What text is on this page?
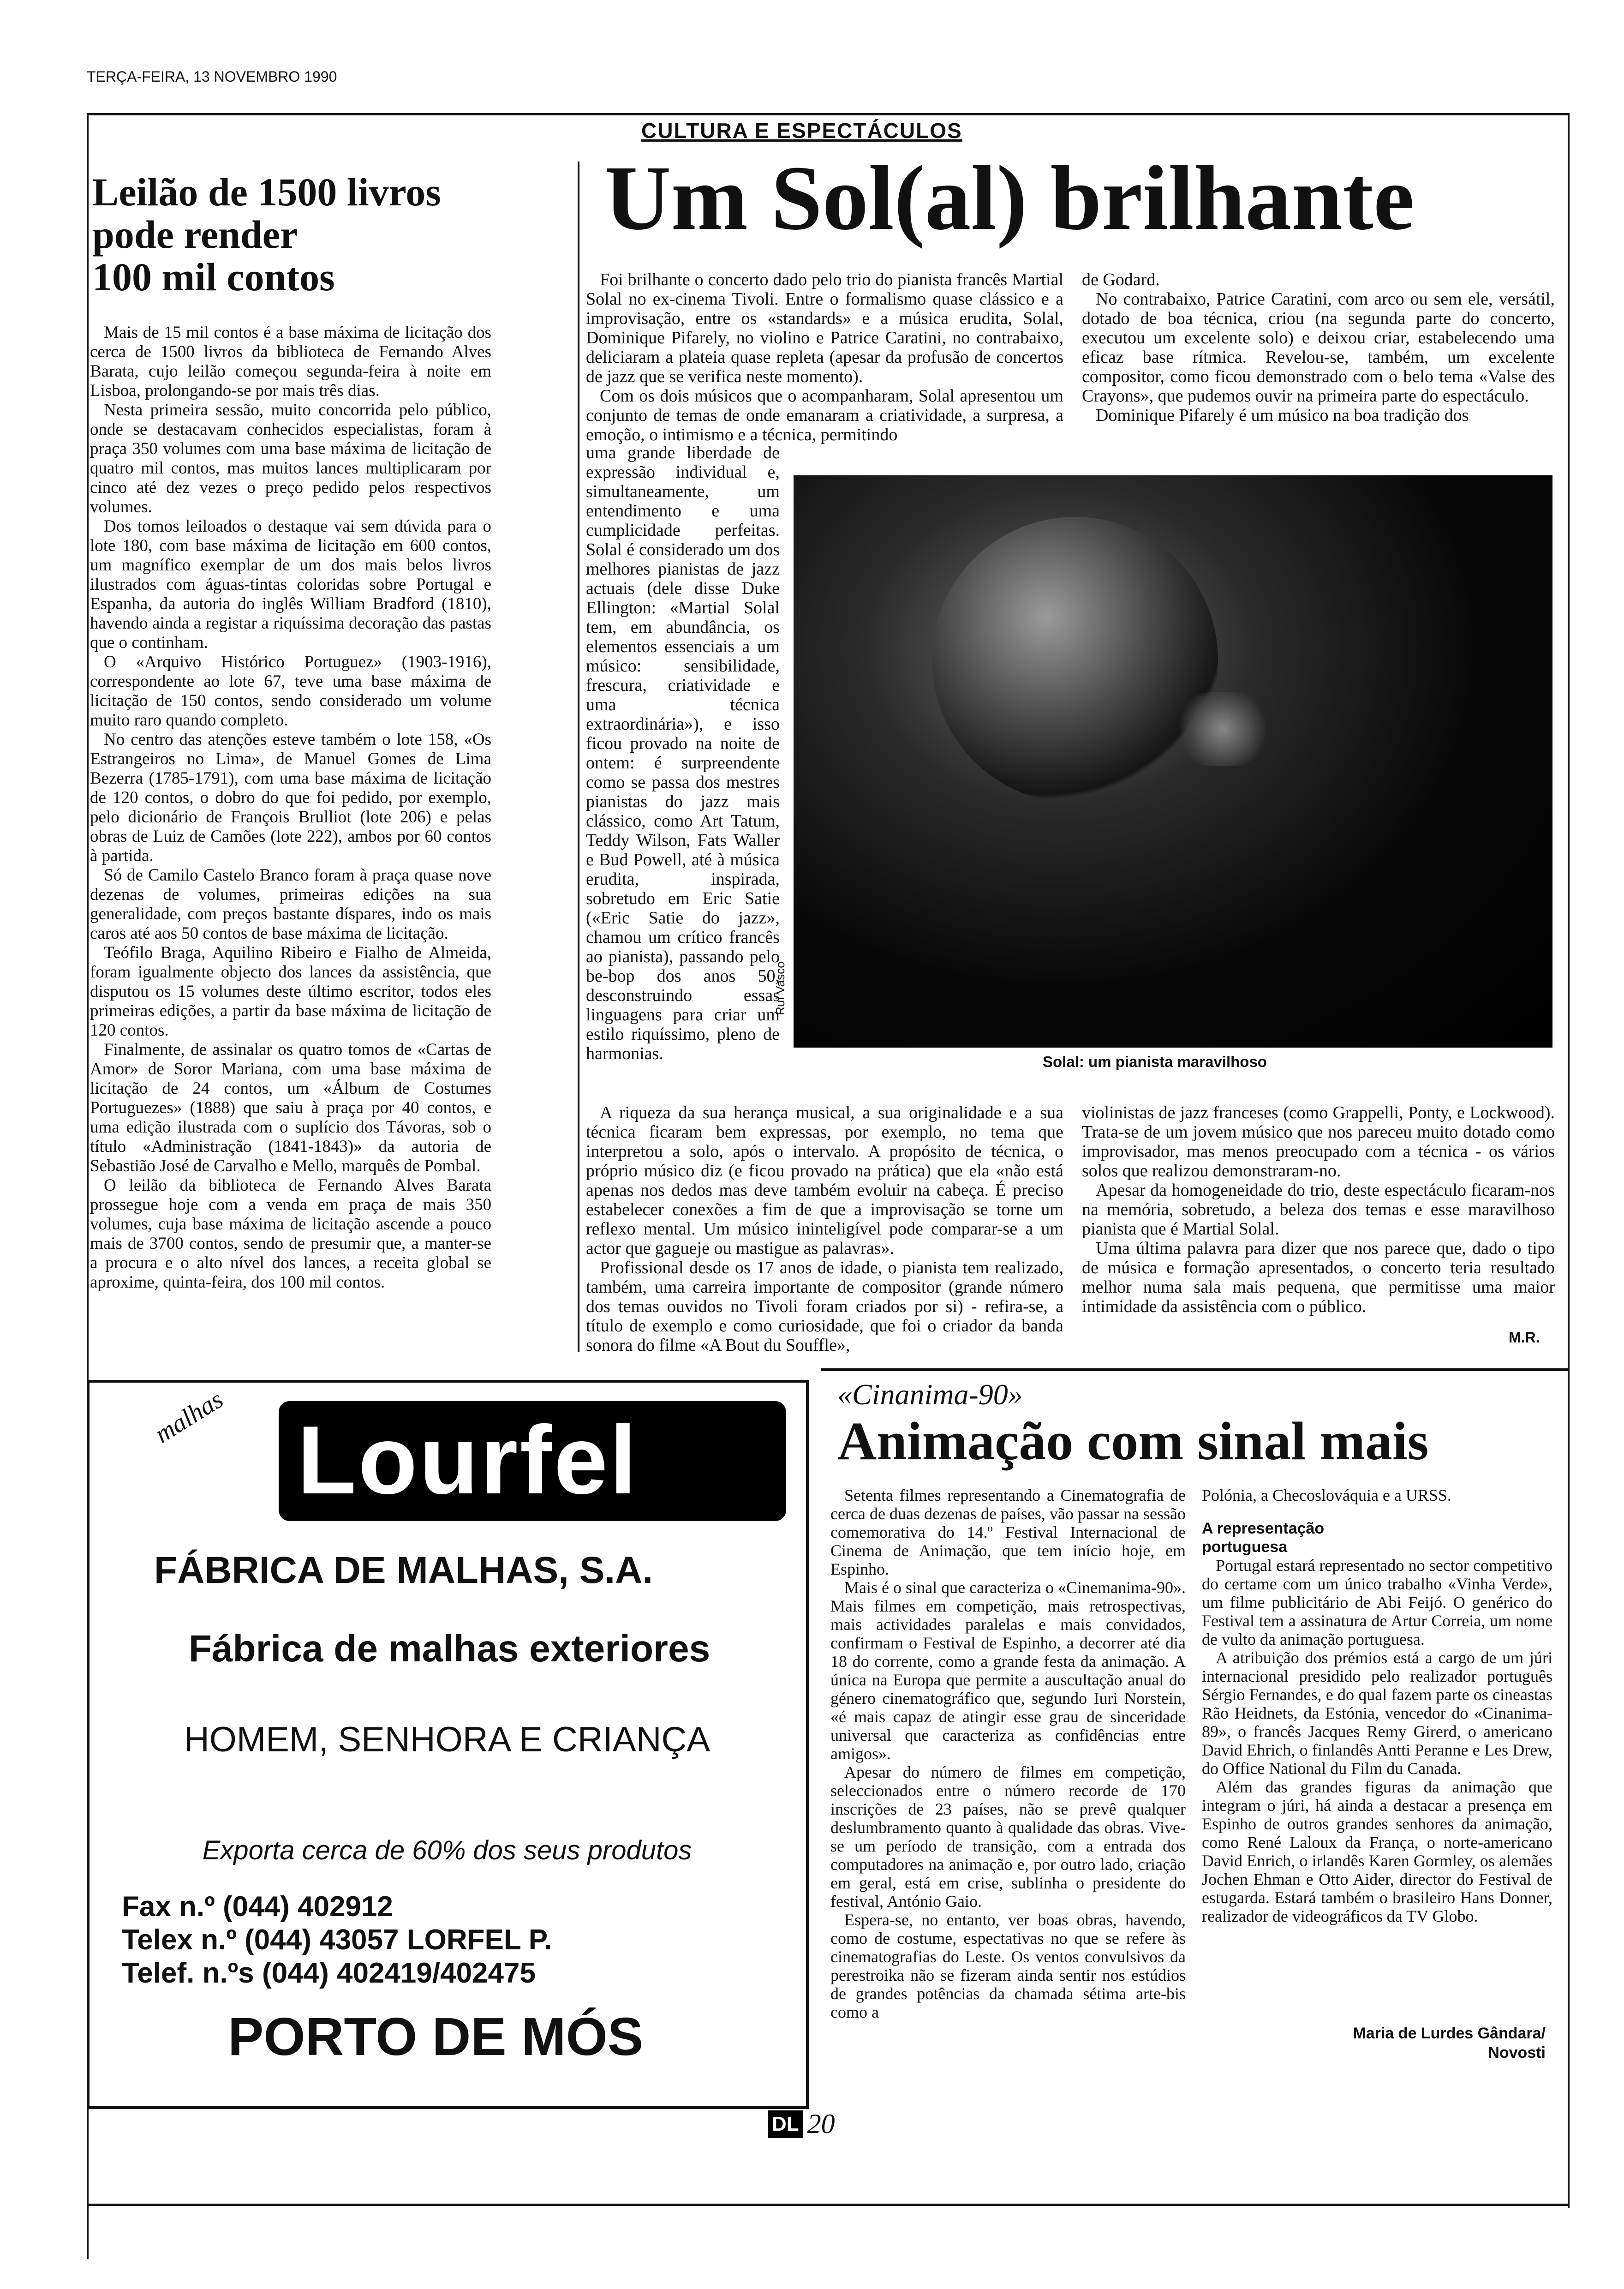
TERÇA-FEIRA, 13 NOVEMBRO 1990
CULTURA E ESPECTÁCULOS
Leilão de 1500 livros
pode render
100 mil contos

Mais de 15 mil contos é a base máxima de licitação dos cerca de 1500 livros da biblioteca de Fernando Alves Barata, cujo leilão começou segunda-feira à noite em Lisboa, prolongando-se por mais três dias.

Nesta primeira sessão, muito concorrida pelo público, onde se destacavam conhecidos especialistas, foram à praça 350 volumes com uma base máxima de licitação de quatro mil contos, mas muitos lances multiplicaram por cinco até dez vezes o preço pedido pelos respectivos volumes.

Dos tomos leiloados o destaque vai sem dúvida para o lote 180, com base máxima de licitação em 600 contos, um magnífico exemplar de um dos mais belos livros ilustrados com águas-tintas coloridas sobre Portugal e Espanha, da autoria do inglês William Bradford (1810), havendo ainda a registar a riquíssima decoração das pastas que o continham.

O «Arquivo Histórico Portuguez» (1903-1916), correspondente ao lote 67, teve uma base máxima de licitação de 150 contos, sendo considerado um volume muito raro quando completo.

No centro das atenções esteve também o lote 158, «Os Estrangeiros no Lima», de Manuel Gomes de Lima Bezerra (1785-1791), com uma base máxima de licitação de 120 contos, o dobro do que foi pedido, por exemplo, pelo dicionário de François Brulliot (lote 206) e pelas obras de Luiz de Camões (lote 222), ambos por 60 contos à partida.

Só de Camilo Castelo Branco foram à praça quase nove dezenas de volumes, primeiras edições na sua generalidade, com preços bastante díspares, indo os mais caros até aos 50 contos de base máxima de licitação.

Teófilo Braga, Aquilino Ribeiro e Fialho de Almeida, foram igualmente objecto dos lances da assistência, que disputou os 15 volumes deste último escritor, todos eles primeiras edições, a partir da base máxima de licitação de 120 contos.

Finalmente, de assinalar os quatro tomos de «Cartas de Amor» de Soror Mariana, com uma base máxima de licitação de 24 contos, um «Álbum de Costumes Portuguezes» (1888) que saiu à praça por 40 contos, e uma edição ilustrada com o suplício dos Távoras, sob o título «Administração (1841-1843)» da autoria de Sebastião José de Carvalho e Mello, marquês de Pombal.

O leilão da biblioteca de Fernando Alves Barata prossegue hoje com a venda em praça de mais 350 volumes, cuja base máxima de licitação ascende a pouco mais de 3700 contos, sendo de presumir que, a manter-se a procura e o alto nível dos lances, a receita global se aproxime, quinta-feira, dos 100 mil contos.

Um Sol(al) brilhante

Foi brilhante o concerto dado pelo trio do pianista francês Martial Solal no ex-cinema Tivoli. Entre o formalismo quase clássico e a improvisação, entre os «standards» e a música erudita, Solal, Dominique Pifarely, no violino e Patrice Caratini, no contrabaixo, deliciaram a plateia quase repleta (apesar da profusão de concertos de jazz que se verifica neste momento).

Com os dois músicos que o acompanharam, Solal apresentou um conjunto de temas de onde emanaram a criatividade, a surpresa, a emoção, o intimismo e a técnica, permitindo

de Godard.

No contrabaixo, Patrice Caratini, com arco ou sem ele, versátil, dotado de boa técnica, criou (na segunda parte do concerto, executou um excelente solo) e deixou criar, estabelecendo uma eficaz base rítmica. Revelou-se, também, um excelente compositor, como ficou demonstrado com o belo tema «Valse des Crayons», que pudemos ouvir na primeira parte do espectáculo.

Dominique Pifarely é um músico na boa tradição dos

uma grande liberdade de expressão individual e, simultaneamente, um entendimento e uma cumplicidade perfeitas. Solal é considerado um dos melhores pianistas de jazz actuais (dele disse Duke Ellington: «Martial Solal tem, em abundância, os elementos essenciais a um músico: sensibilidade, frescura, criatividade e uma técnica extraordinária»), e isso ficou provado na noite de ontem: é surpreendente como se passa dos mestres pianistas do jazz mais clássico, como Art Tatum, Teddy Wilson, Fats Waller e Bud Powell, até à música erudita, inspirada, sobretudo em Eric Satie («Eric Satie do jazz», chamou um crítico francês ao pianista), passando pelo be-bop dos anos 50, desconstruindo essas linguagens para criar um estilo riquíssimo, pleno de harmonias.

Rui Vasco
Solal: um pianista maravilhoso

A riqueza da sua herança musical, a sua originalidade e a sua técnica ficaram bem expressas, por exemplo, no tema que interpretou a solo, após o intervalo. A propósito de técnica, o próprio músico diz (e ficou provado na prática) que ela «não está apenas nos dedos mas deve também evoluir na cabeça. É preciso estabelecer conexões a fim de que a improvisação se torne um reflexo mental. Um músico ininteligível pode comparar-se a um actor que gagueje ou mastigue as palavras».

Profissional desde os 17 anos de idade, o pianista tem realizado, também, uma carreira importante de compositor (grande número dos temas ouvidos no Tivoli foram criados por si) - refira-se, a título de exemplo e como curiosidade, que foi o criador da banda sonora do filme «A Bout du Souffle»,

violinistas de jazz franceses (como Grappelli, Ponty, e Lockwood). Trata-se de um jovem músico que nos pareceu muito dotado como improvisador, mas menos preocupado com a técnica - os vários solos que realizou demonstraram-no.

Apesar da homogeneidade do trio, deste espectáculo ficaram-nos na memória, sobretudo, a beleza dos temas e esse maravilhoso pianista que é Martial Solal.

Uma última palavra para dizer que nos parece que, dado o tipo de música e formação apresentados, o concerto teria resultado melhor numa sala mais pequena, que permitisse uma maior intimidade da assistência com o público.

M.R.
malhas Lourfel
FÁBRICA DE MALHAS, S.A.
Fábrica de malhas exteriores
HOMEM, SENHORA E CRIANÇA
Exporta cerca de 60% dos seus produtos
Fax n.º (044) 402912
Telex n.º (044) 43057 LORFEL P.
Telef. n.ºs (044) 402419/402475
PORTO DE MÓS
«Cinanima-90»
Animação com sinal mais

Setenta filmes representando a Cinematografia de cerca de duas dezenas de países, vão passar na sessão comemorativa do 14.º Festival Internacional de Cinema de Animação, que tem início hoje, em Espinho.

Mais é o sinal que caracteriza o «Cinemanima-90». Mais filmes em competição, mais retrospectivas, mais actividades paralelas e mais convidados, confirmam o Festival de Espinho, a decorrer até dia 18 do corrente, como a grande festa da animação. A única na Europa que permite a auscultação anual do género cinematográfico que, segundo Iuri Norstein, «é mais capaz de atingir esse grau de sinceridade universal que caracteriza as confidências entre amigos».

Apesar do número de filmes em competição, seleccionados entre o número recorde de 170 inscrições de 23 países, não se prevê qualquer deslumbramento quanto à qualidade das obras. Vive-se um período de transição, com a entrada dos computadores na animação e, por outro lado, criação em geral, está em crise, sublinha o presidente do festival, António Gaio.

Espera-se, no entanto, ver boas obras, havendo, como de costume, espectativas no que se refere às cinematografias do Leste. Os ventos convulsivos da perestroika não se fizeram ainda sentir nos estúdios de grandes potências da chamada sétima arte-bis como a

Polónia, a Checoslováquia e a URSS.

A representação portuguesa

Portugal estará representado no sector competitivo do certame com um único trabalho «Vinha Verde», um filme publicitário de Abi Feijó. O genérico do Festival tem a assinatura de Artur Correia, um nome de vulto da animação portuguesa.

A atribuição dos prémios está a cargo de um júri internacional presidido pelo realizador português Sérgio Fernandes, e do qual fazem parte os cineastas Rão Heidnets, da Estónia, vencedor do «Cinanima-89», o francês Jacques Remy Girerd, o americano David Ehrich, o finlandês Antti Peranne e Les Drew, do Office National du Film du Canada.

Além das grandes figuras da animação que integram o júri, há ainda a destacar a presença em Espinho de outros grandes senhores da animação, como René Laloux da França, o norte-americano David Enrich, o irlandês Karen Gormley, os alemães Jochen Ehman e Otto Aider, director do Festival de estugarda. Estará também o brasileiro Hans Donner, realizador de videográficos da TV Globo.

Maria de Lurdes Gândara/
Novosti
DL 20
